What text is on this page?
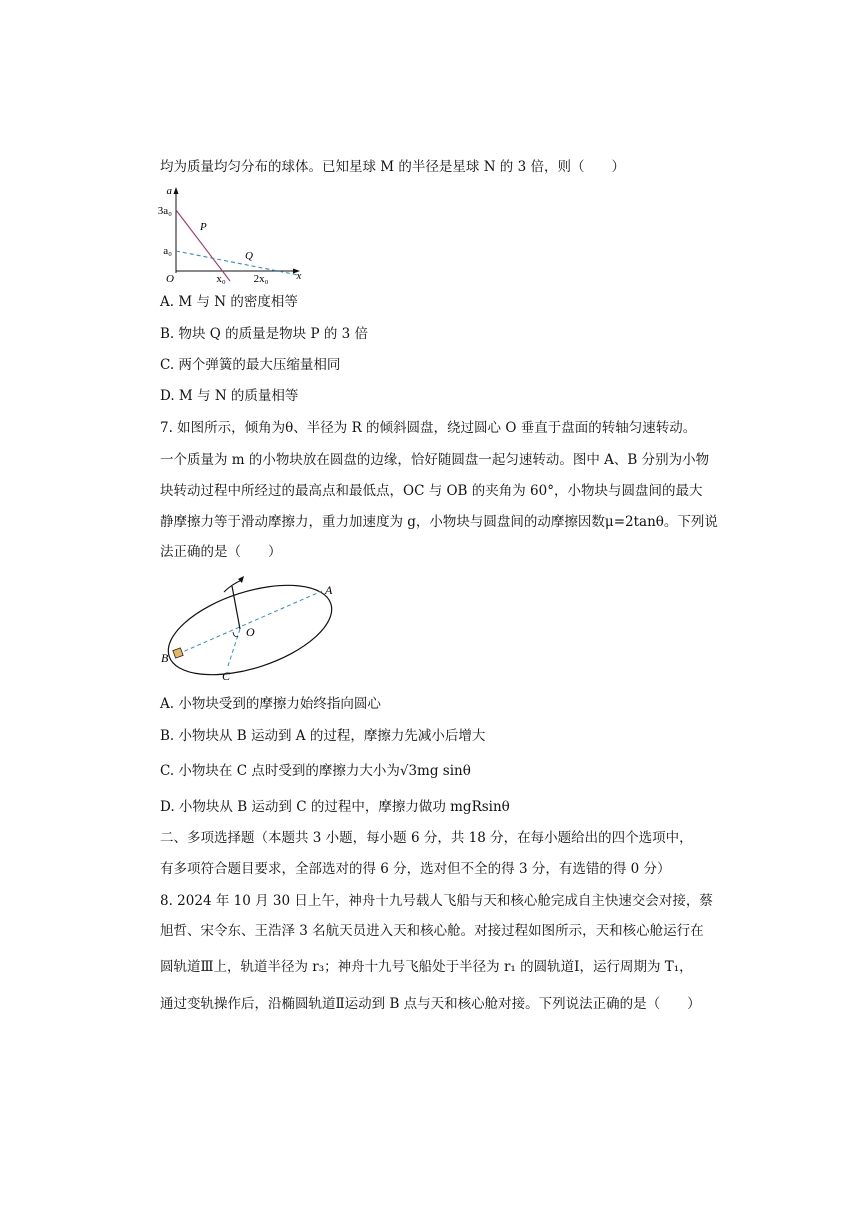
均为质量均匀分布的球体。已知星球 M 的半径是星球 N 的 3 倍，则（　　）
a
3a₀
a₀
O	x₀	2x₀	x
P
Q
A. M 与 N 的密度相等
B. 物块 Q 的质量是物块 P 的 3 倍
C. 两个弹簧的最大压缩量相同
D. M 与 N 的质量相等
7. 如图所示，倾角为θ、半径为 R 的倾斜圆盘，绕过圆心 O 垂直于盘面的转轴匀速转动。
一个质量为 m 的小物块放在圆盘的边缘，恰好随圆盘一起匀速转动。图中 A、B 分别为小物
块转动过程中所经过的最高点和最低点，OC 与 OB 的夹角为 60°，小物块与圆盘间的最大
静摩擦力等于滑动摩擦力，重力加速度为 g，小物块与圆盘间的动摩擦因数μ=2tanθ。下列说
法正确的是（　　）
A
B
C
O
A. 小物块受到的摩擦力始终指向圆心
B. 小物块从 B 运动到 A 的过程，摩擦力先减小后增大
C. 小物块在 C 点时受到的摩擦力大小为√3mg sinθ
D. 小物块从 B 运动到 C 的过程中，摩擦力做功 mgRsinθ
二、多项选择题（本题共 3 小题，每小题 6 分，共 18 分，在每小题给出的四个选项中，
有多项符合题目要求，全部选对的得 6 分，选对但不全的得 3 分，有选错的得 0 分）
8. 2024 年 10 月 30 日上午，神舟十九号载人飞船与天和核心舱完成自主快速交会对接，蔡
旭哲、宋令东、王浩泽 3 名航天员进入天和核心舱。对接过程如图所示，天和核心舱运行在
圆轨道Ⅲ上，轨道半径为 r₃；神舟十九号飞船处于半径为 r₁ 的圆轨道Ⅰ，运行周期为 T₁，
通过变轨操作后，沿椭圆轨道Ⅱ运动到 B 点与天和核心舱对接。下列说法正确的是（　　）
